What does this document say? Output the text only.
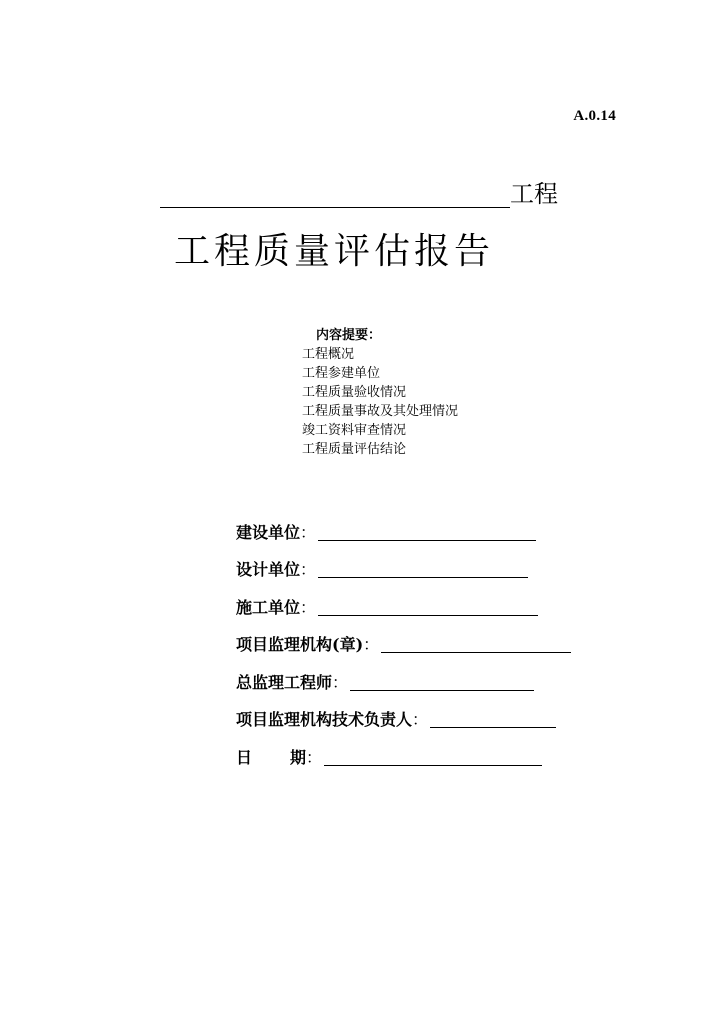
A.0.14
工程
工程质量评估报告
内容提要：
工程概况
工程参建单位
工程质量验收情况
工程质量事故及其处理情况
竣工资料审查情况
工程质量评估结论
建设单位 ：
设计单位 ：
施工单位 ：
项目监理机构(章) ：
总监理工程师 ：
项目监理机构技术负责人 ：
日 期 ：
